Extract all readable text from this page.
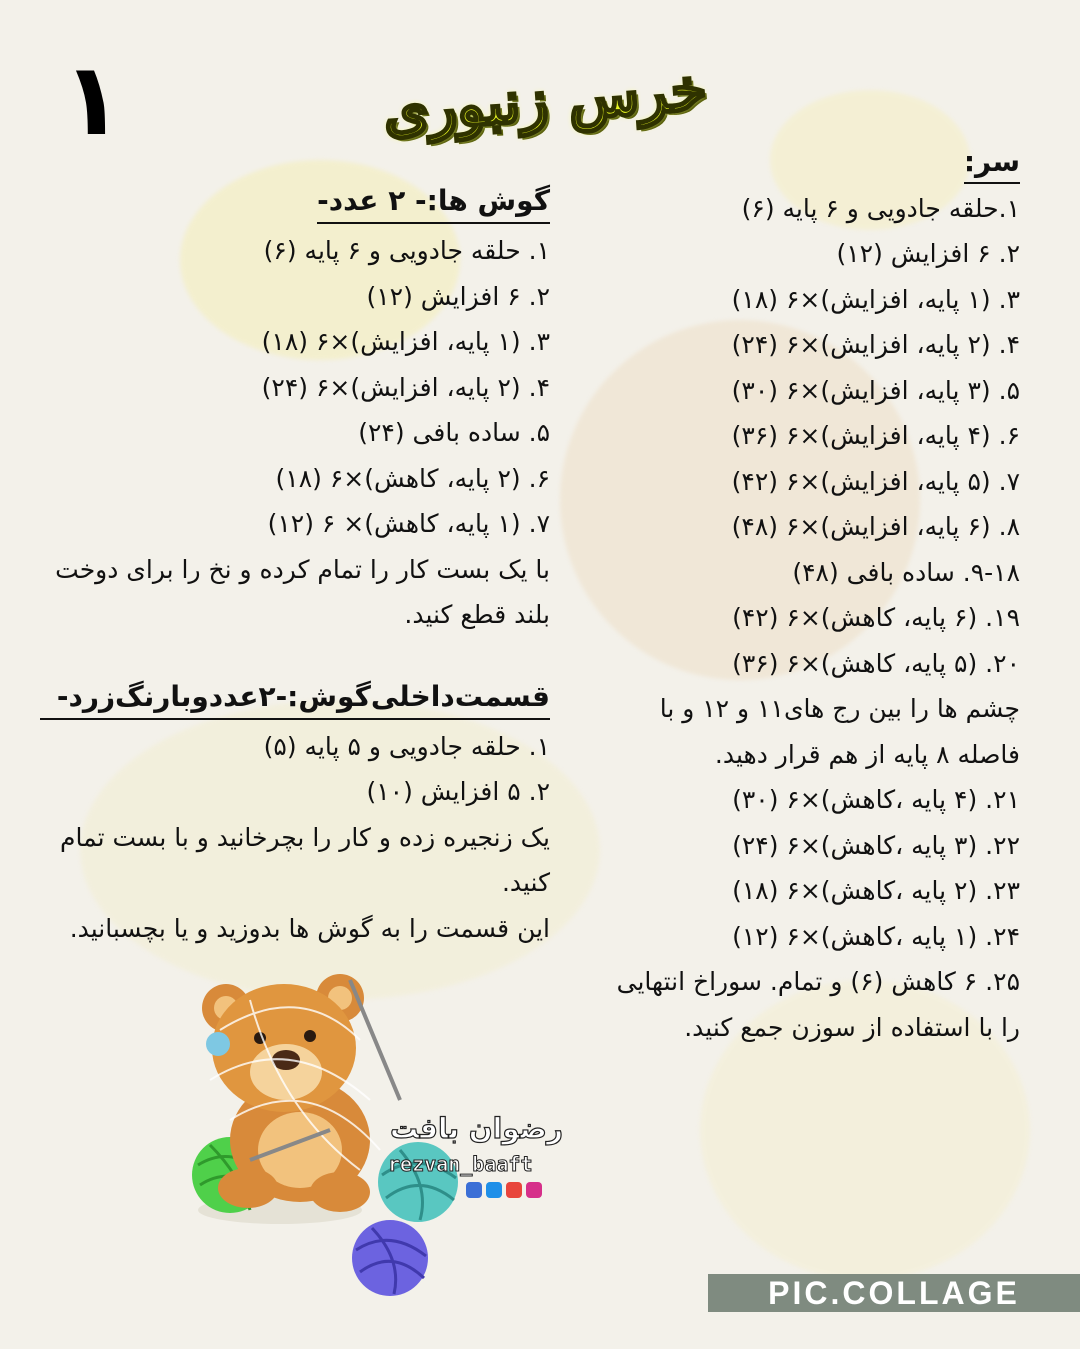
۱	خرس زنبوری
سر:
۱.حلقه جادویی و ۶ پایه (۶)
۲. ۶ افزایش (۱۲)
۳. (۱ پایه، افزایش)×۶ (۱۸)
۴. (۲ پایه، افزایش)×۶ (۲۴)
۵. (۳ پایه، افزایش)×۶ (۳۰)
۶. (۴ پایه، افزایش)×۶ (۳۶)
۷. (۵ پایه، افزایش)×۶ (۴۲)
۸. (۶ پایه، افزایش)×۶ (۴۸)
۹-۱۸. ساده بافی (۴۸)
۱۹. (۶ پایه، کاهش)×۶ (۴۲)
۲۰. (۵ پایه، کاهش)×۶ (۳۶)
چشم ها را بین رج های۱۱ و ۱۲ و با فاصله ۸ پایه از هم قرار دهید.
۲۱. (۴ پایه ،کاهش)×۶ (۳۰)
۲۲. (۳ پایه ،کاهش)×۶ (۲۴)
۲۳. (۲ پایه ،کاهش)×۶ (۱۸)
۲۴. (۱ پایه ،کاهش)×۶ (۱۲)
۲۵. ۶ کاهش (۶) و تمام. سوراخ انتهایی را با استفاده از سوزن جمع کنید.
گوش ها:- ۲ عدد-
۱. حلقه جادویی و ۶ پایه (۶)
۲. ۶ افزایش (۱۲)
۳. (۱ پایه، افزایش)×۶ (۱۸)
۴. (۲ پایه، افزایش)×۶ (۲۴)
۵. ساده بافی (۲۴)
۶. (۲ پایه، کاهش)×۶ (۱۸)
۷. (۱ پایه، کاهش)× ۶ (۱۲)
با یک بست کار را تمام کرده و نخ را برای دوخت بلند قطع کنید.
قسمت‌داخلی‌گوش:-۲عدد‌و‌بارنگ‌زرد-
۱. حلقه جادویی و ۵ پایه (۵)
۲. ۵ افزایش (۱۰)
یک زنجیره زده و کار را بچرخانید و با بست تمام کنید.
این قسمت را به گوش ها بدوزید و یا بچسبانید.
رضوان بافت
rezvan_baaft
PIC.COLLAGE
